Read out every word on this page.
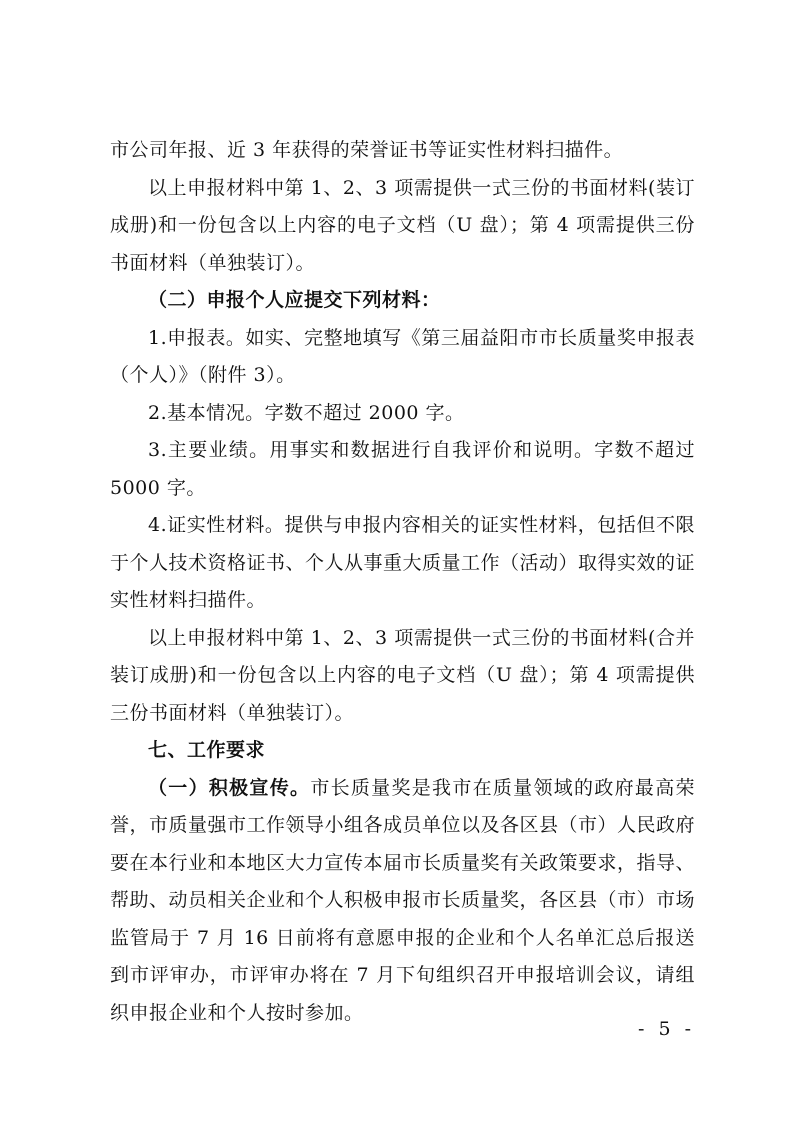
市公司年报、近 3 年获得的荣誉证书等证实性材料扫描件。

以上申报材料中第 1、2、3 项需提供一式三份的书面材料(装订成册)和一份包含以上内容的电子文档（U 盘）；第 4 项需提供三份书面材料（单独装订）。

（二）申报个人应提交下列材料：

1.申报表。如实、完整地填写《第三届益阳市市长质量奖申报表（个人）》（附件 3）。

2.基本情况。字数不超过 2000 字。

3.主要业绩。用事实和数据进行自我评价和说明。字数不超过 5000 字。

4.证实性材料。提供与申报内容相关的证实性材料，包括但不限于个人技术资格证书、个人从事重大质量工作（活动）取得实效的证实性材料扫描件。

以上申报材料中第 1、2、3 项需提供一式三份的书面材料(合并装订成册)和一份包含以上内容的电子文档（U 盘）；第 4 项需提供三份书面材料（单独装订）。

七、工作要求

（一）积极宣传。市长质量奖是我市在质量领域的政府最高荣誉，市质量强市工作领导小组各成员单位以及各区县（市）人民政府要在本行业和本地区大力宣传本届市长质量奖有关政策要求，指导、帮助、动员相关企业和个人积极申报市长质量奖，各区县（市）市场监管局于 7 月 16 日前将有意愿申报的企业和个人名单汇总后报送到市评审办，市评审办将在 7 月下旬组织召开申报培训会议，请组织申报企业和个人按时参加。

- 5 -
